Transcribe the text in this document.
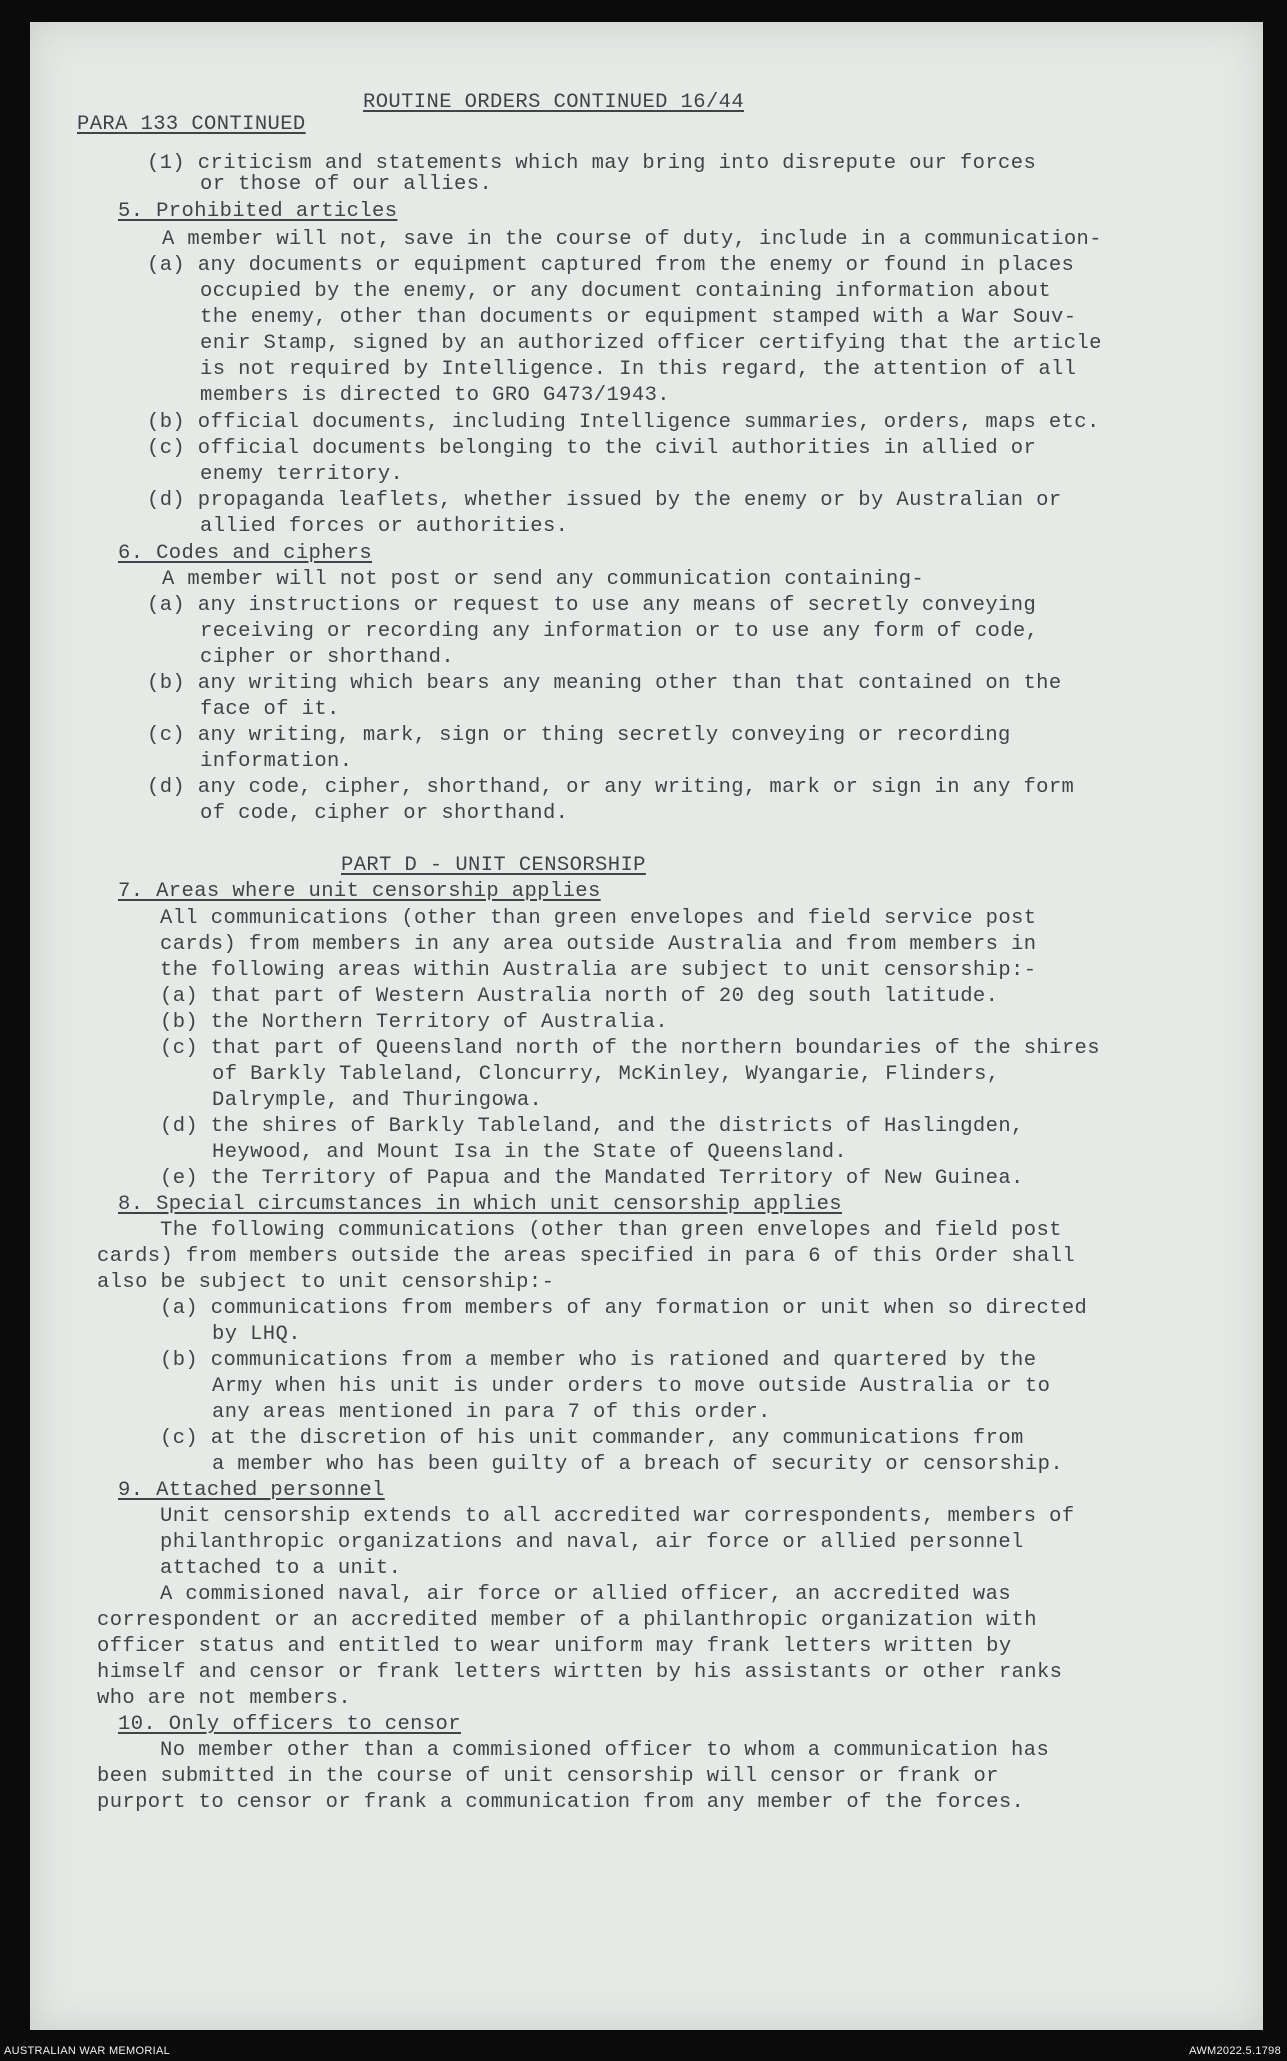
ROUTINE ORDERS CONTINUED 16/44
PARA 133 CONTINUED
(1) criticism and statements which may bring into disrepute our forces
or those of our allies.
5. Prohibited articles
A member will not, save in the course of duty, include in a communication-
(a) any documents or equipment captured from the enemy or found in places
occupied by the enemy, or any document containing information about
the enemy, other than documents or equipment stamped with a War Souv-
enir Stamp, signed by an authorized officer certifying that the article
is not required by Intelligence. In this regard, the attention of all
members is directed to GRO G473/1943.
(b) official documents, including Intelligence summaries, orders, maps etc.
(c) official documents belonging to the civil authorities in allied or
enemy territory.
(d) propaganda leaflets, whether issued by the enemy or by Australian or
allied forces or authorities.
6. Codes and ciphers
A member will not post or send any communication containing-
(a) any instructions or request to use any means of secretly conveying
receiving or recording any information or to use any form of code,
cipher or shorthand.
(b) any writing which bears any meaning other than that contained on the
face of it.
(c) any writing, mark, sign or thing secretly conveying or recording
information.
(d) any code, cipher, shorthand, or any writing, mark or sign in any form
of code, cipher or shorthand.
PART D - UNIT CENSORSHIP
7. Areas where unit censorship applies
All communications (other than green envelopes and field service post
cards) from members in any area outside Australia and from members in
the following areas within Australia are subject to unit censorship:-
(a) that part of Western Australia north of 20 deg south latitude.
(b) the Northern Territory of Australia.
(c) that part of Queensland north of the northern boundaries of the shires
of Barkly Tableland, Cloncurry, McKinley, Wyangarie, Flinders,
Dalrymple, and Thuringowa.
(d) the shires of Barkly Tableland, and the districts of Haslingden,
Heywood, and Mount Isa in the State of Queensland.
(e) the Territory of Papua and the Mandated Territory of New Guinea.
8. Special circumstances in which unit censorship applies
The following communications (other than green envelopes and field post
cards) from members outside the areas specified in para 6 of this Order shall
also be subject to unit censorship:-
(a) communications from members of any formation or unit when so directed
by LHQ.
(b) communications from a member who is rationed and quartered by the
Army when his unit is under orders to move outside Australia or to
any areas mentioned in para 7 of this order.
(c) at the discretion of his unit commander, any communications from
a member who has been guilty of a breach of security or censorship.
9. Attached personnel
Unit censorship extends to all accredited war correspondents, members of
philanthropic organizations and naval, air force or allied personnel
attached to a unit.
A commisioned naval, air force or allied officer, an accredited was
correspondent or an accredited member of a philanthropic organization with
officer status and entitled to wear uniform may frank letters written by
himself and censor or frank letters wirtten by his assistants or other ranks
who are not members.
10. Only officers to censor
No member other than a commisioned officer to whom a communication has
been submitted in the course of unit censorship will censor or frank or
purport to censor or frank a communication from any member of the forces.
AUSTRALIAN WAR MEMORIAL	AWM2022.5.1798
